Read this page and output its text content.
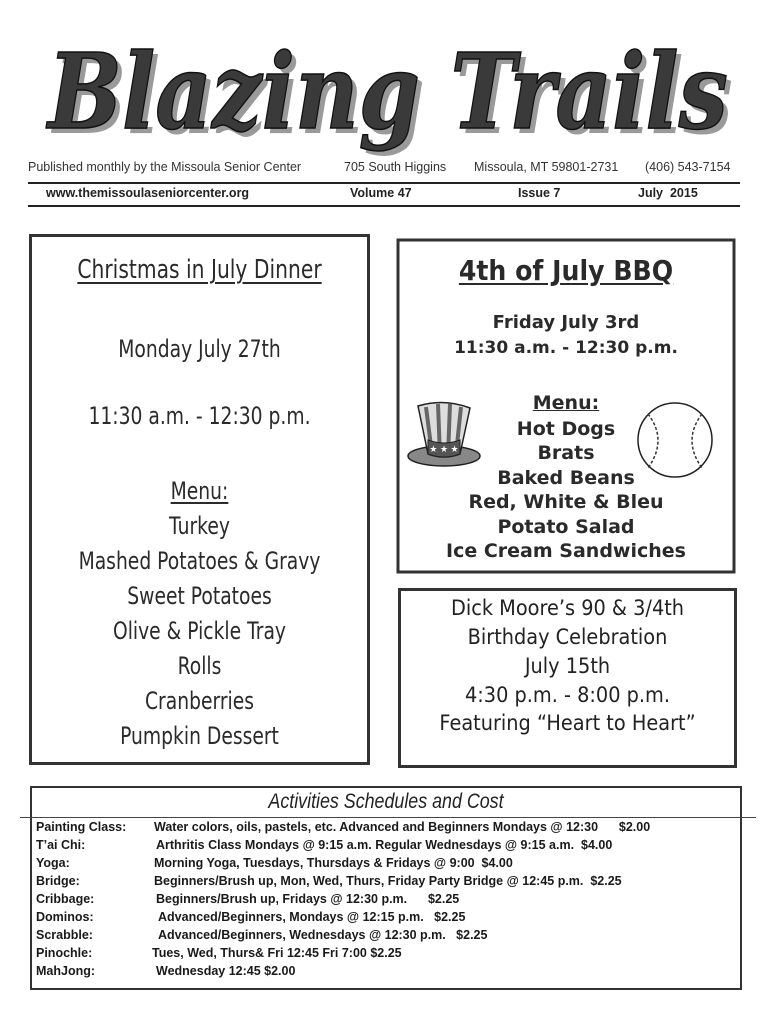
Blazing Trails
Blazing Trails
Published monthly by the Missoula Senior Center	705 South Higgins Missoula, MT 59801-2731 (406) 543-7154
www.themissoulaseniorcenter.org	Volume 47	Issue 7	July  2015
Christmas in July Dinner
Monday July 27th
11:30 a.m. - 12:30 p.m.
Menu:
Turkey
Mashed Potatoes & Gravy
Sweet Potatoes
Olive & Pickle Tray
Rolls
Cranberries
Pumpkin Dessert
4th of July BBQ
Friday July 3rd
11:30 a.m. - 12:30 p.m.
Menu:
Hot Dogs
Brats
Baked Beans
Red, White & Bleu
Potato Salad
Ice Cream Sandwiches
★ ★ ★
Dick Moore’s 90 & 3/4th
Birthday Celebration
July 15th
4:30 p.m. - 8:00 p.m.
Featuring “Heart to Heart”
Activities Schedules and Cost
Painting Class: Water colors, oils, pastels, etc. Advanced and Beginners Mondays @ 12:30      $2.00
T’ai Chi:	Arthritis Class Mondays @ 9:15 a.m. Regular Wednesdays @ 9:15 a.m.  $4.00
Yoga:	Morning Yoga, Tuesdays, Thursdays & Fridays @ 9:00  $4.00
Bridge:	Beginners/Brush up, Mon, Wed, Thurs, Friday Party Bridge @ 12:45 p.m.  $2.25
Cribbage:	Beginners/Brush up, Fridays @ 12:30 p.m.      $2.25
Dominos:	Advanced/Beginners, Mondays @ 12:15 p.m.   $2.25
Scrabble:	Advanced/Beginners, Wednesdays @ 12:30 p.m.   $2.25
Pinochle:	Tues, Wed, Thurs& Fri 12:45 Fri 7:00 $2.25
MahJong:	Wednesday 12:45 $2.00
